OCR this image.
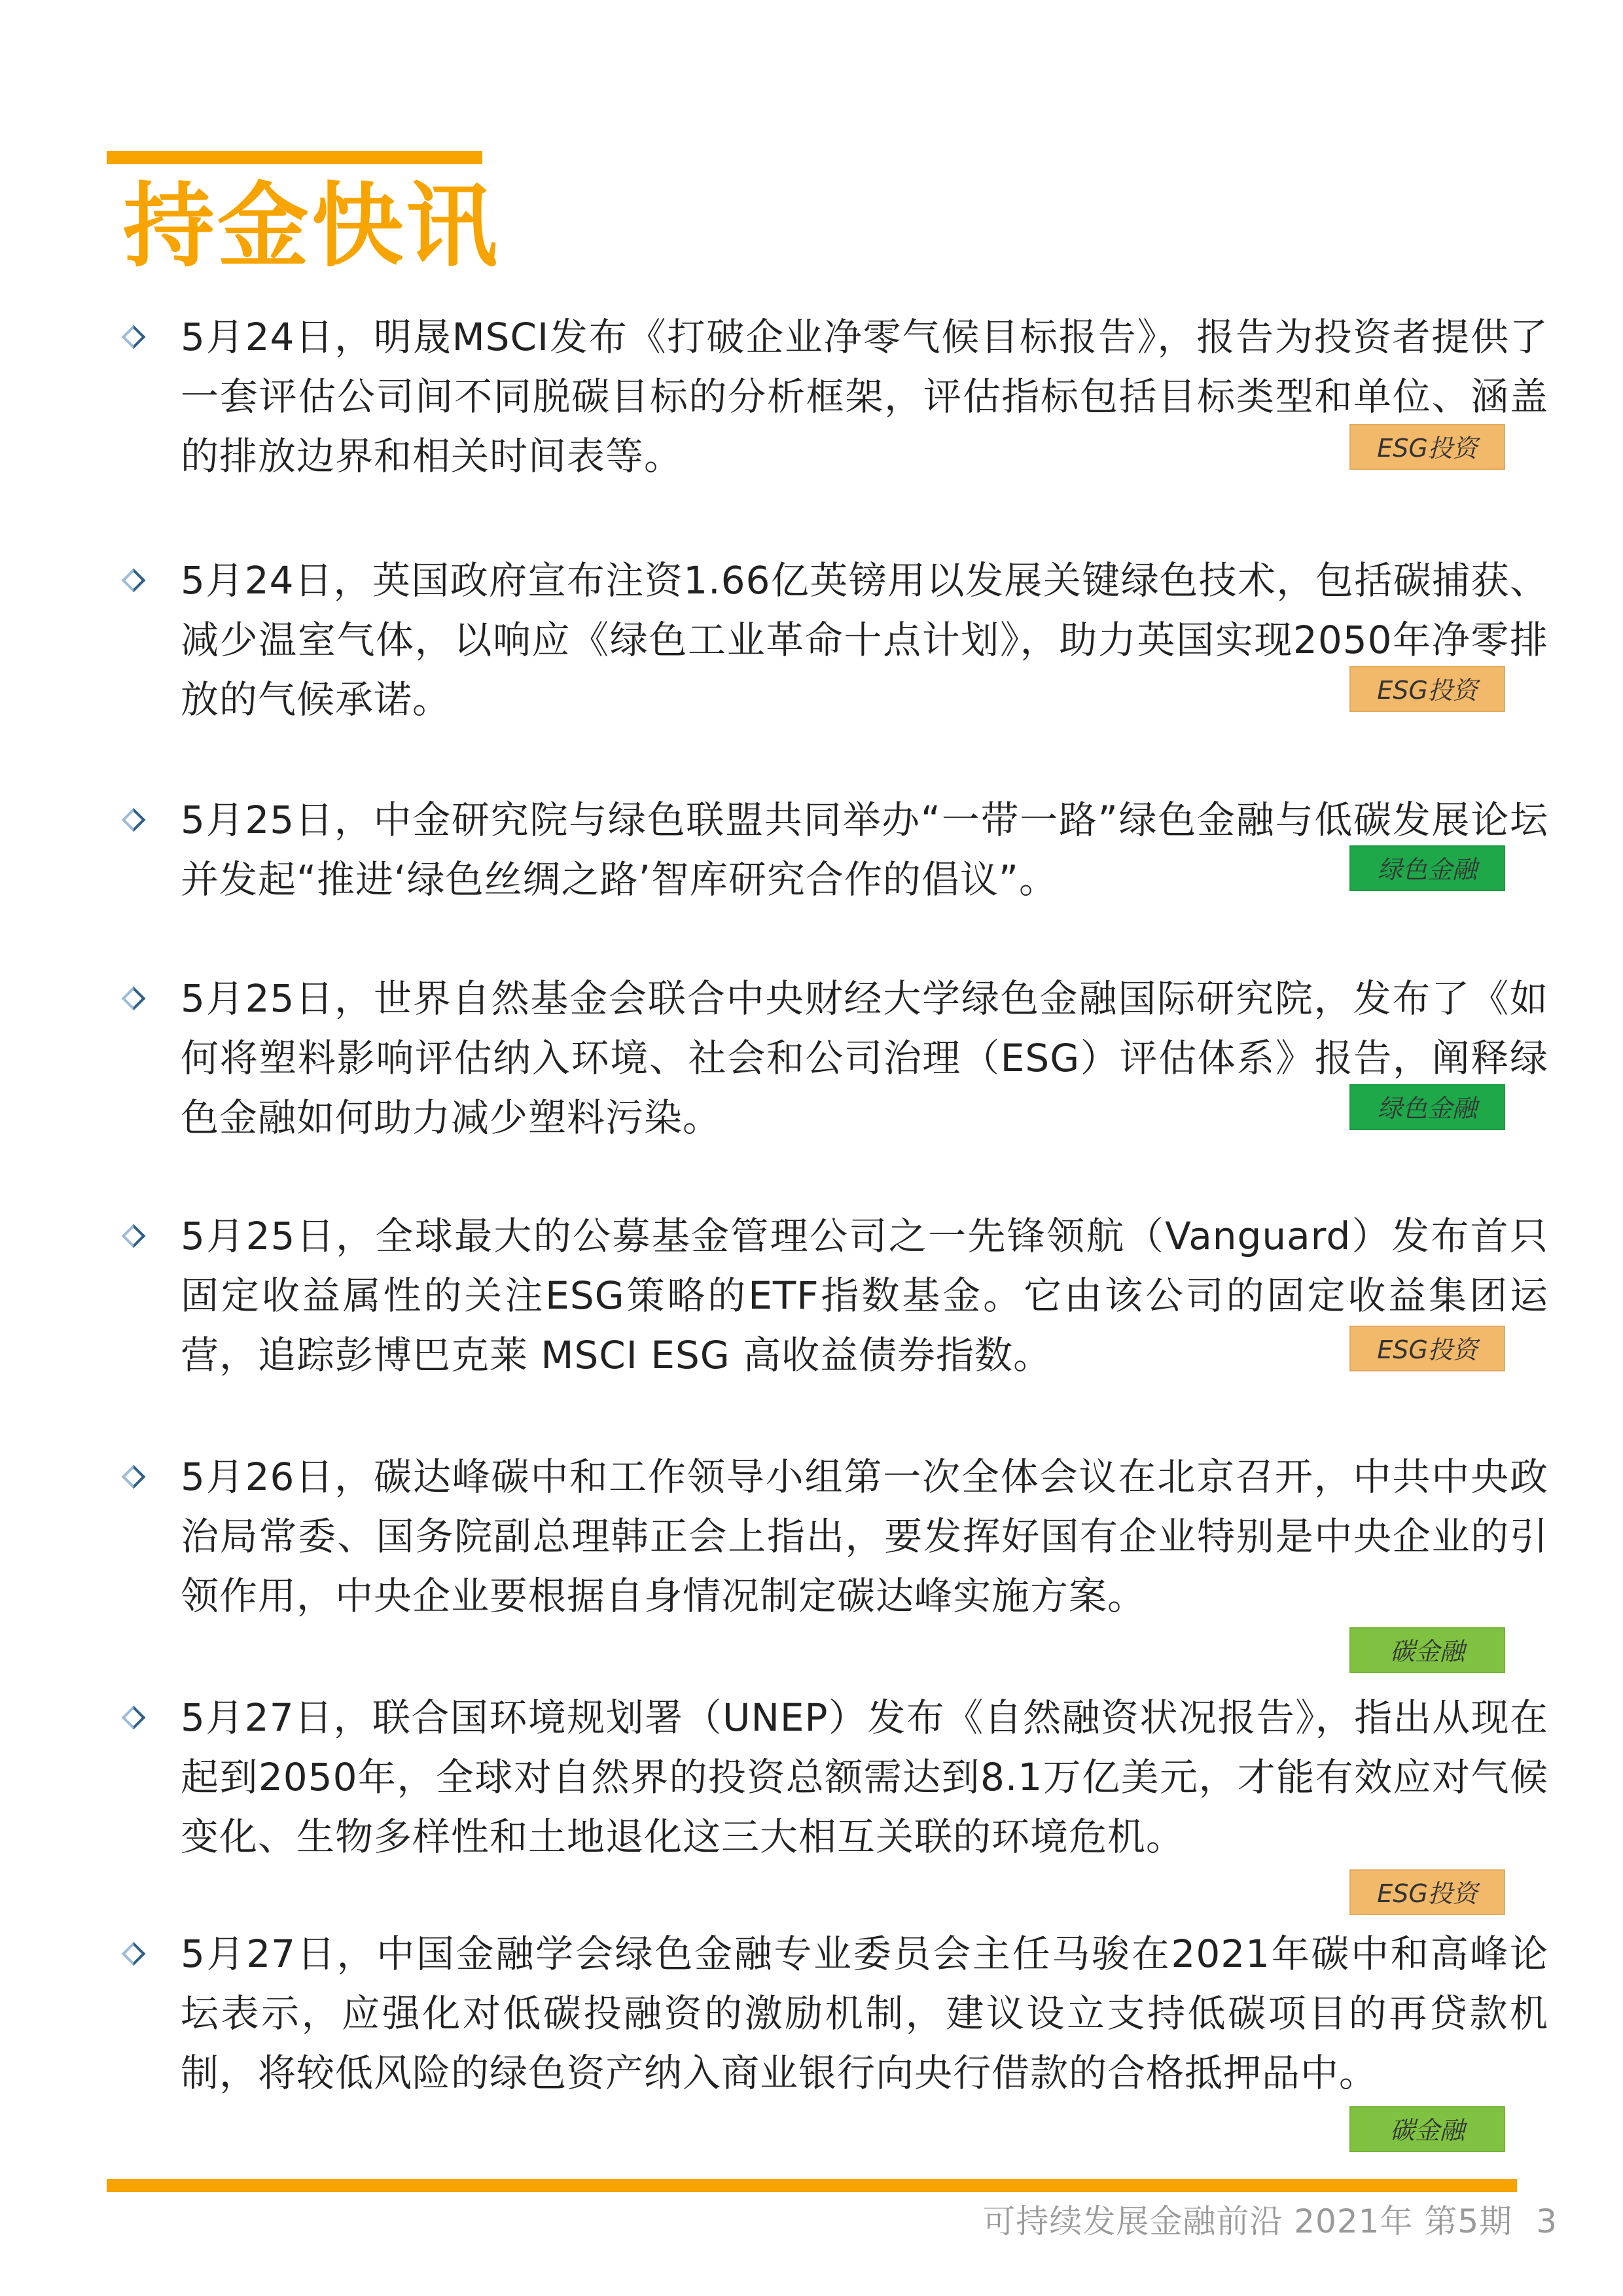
持金快讯

5月24日，明晟MSCI发布《打破企业净零气候目标报告》，报告为投资者提供了一套评估公司间不同脱碳目标的分析框架，评估指标包括目标类型和单位、涵盖的排放边界和相关时间表等。	ESG投资

5月24日，英国政府宣布注资1.66亿英镑用以发展关键绿色技术，包括碳捕获、减少温室气体，以响应《绿色工业革命十点计划》，助力英国实现2050年净零排放的气候承诺。	ESG投资

5月25日，中金研究院与绿色联盟共同举办“一带一路”绿色金融与低碳发展论坛并发起“推进‘绿色丝绸之路’智库研究合作的倡议”。	绿色金融

5月25日，世界自然基金会联合中央财经大学绿色金融国际研究院，发布了《如何将塑料影响评估纳入环境、社会和公司治理（ESG）评估体系》报告，阐释绿色金融如何助力减少塑料污染。	绿色金融

5月25日，全球最大的公募基金管理公司之一先锋领航（Vanguard）发布首只固定收益属性的关注ESG策略的ETF指数基金。它由该公司的固定收益集团运营，追踪彭博巴克莱 MSCI ESG 高收益债券指数。	ESG投资

5月26日，碳达峰碳中和工作领导小组第一次全体会议在北京召开，中共中央政治局常委、国务院副总理韩正会上指出，要发挥好国有企业特别是中央企业的引领作用，中央企业要根据自身情况制定碳达峰实施方案。

碳金融

5月27日，联合国环境规划署（UNEP）发布《自然融资状况报告》，指出从现在起到2050年，全球对自然界的投资总额需达到8.1万亿美元，才能有效应对气候变化、生物多样性和土地退化这三大相互关联的环境危机。

ESG投资

5月27日，中国金融学会绿色金融专业委员会主任马骏在2021年碳中和高峰论坛表示，应强化对低碳投融资的激励机制，建议设立支持低碳项目的再贷款机制，将较低风险的绿色资产纳入商业银行向央行借款的合格抵押品中。

碳金融
可持续发展金融前沿 2021年 第5期 3
